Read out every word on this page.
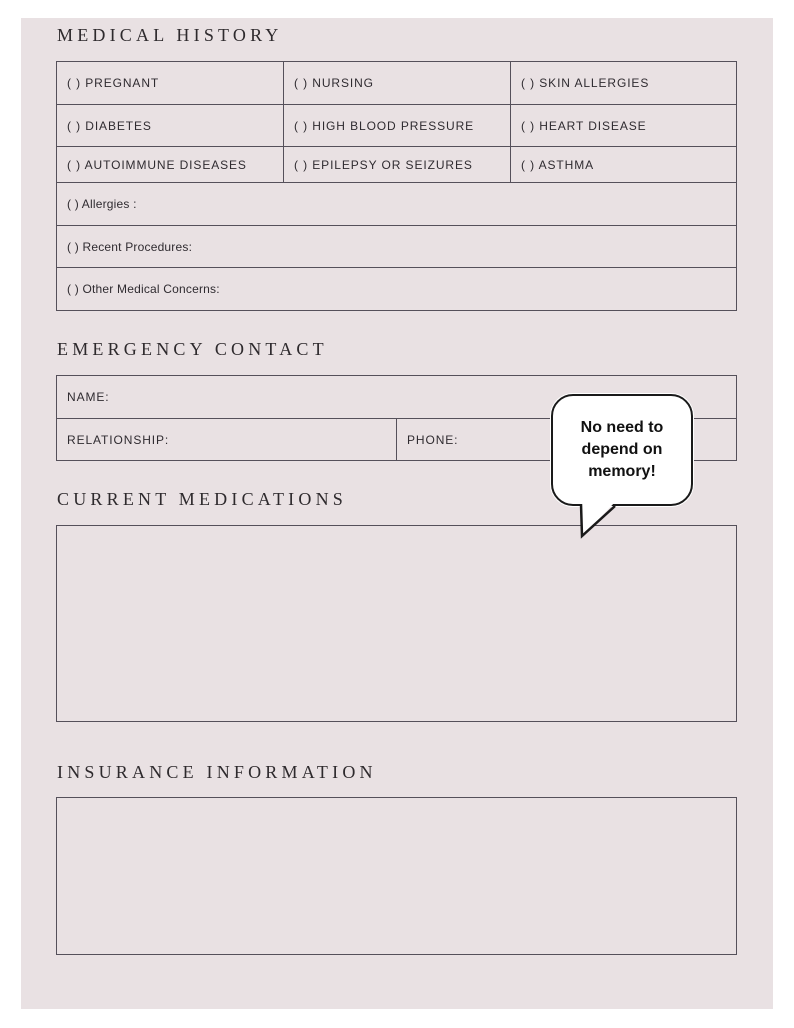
MEDICAL HISTORY
( ) PREGNANT	( ) NURSING	( ) SKIN ALLERGIES
( ) DIABETES	( ) HIGH BLOOD PRESSURE	( ) HEART DISEASE
( ) AUTOIMMUNE DISEASES	( ) EPILEPSY OR SEIZURES	( ) ASTHMA
( ) Allergies :
( ) Recent Procedures:
( ) Other Medical Concerns:
EMERGENCY CONTACT
NAME:
RELATIONSHIP:	PHONE:
CURRENT MEDICATIONS
INSURANCE INFORMATION
No need to depend on memory!
